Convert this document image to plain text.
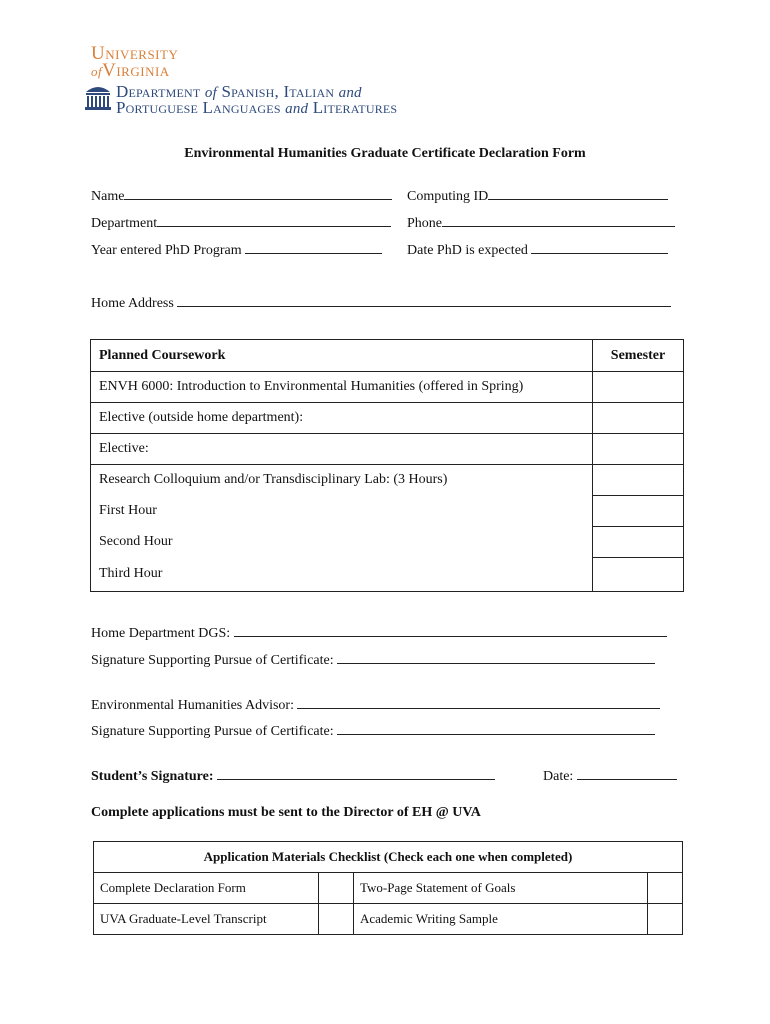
University
ofVirginia
Department of Spanish, Italian and
Portuguese Languages and Literatures
Environmental Humanities Graduate Certificate Declaration Form
Name	Computing ID
Department	Phone
Year entered PhD Program	Date PhD is expected
Home Address
Planned Coursework	Semester
ENVH 6000: Introduction to Environmental Humanities (offered in Spring)	
Elective (outside home department):	
Elective:	
Research Colloquium and/or Transdisciplinary Lab: (3 Hours)	
First Hour	
Second Hour	
Third Hour	
Home Department DGS:
Signature Supporting Pursue of Certificate:
Environmental Humanities Advisor:
Signature Supporting Pursue of Certificate:
Student’s Signature:	Date:
Complete applications must be sent to the Director of EH @ UVA
Application Materials Checklist (Check each one when completed)			
Complete Declaration Form		Two-Page Statement of Goals	
UVA Graduate-Level Transcript		Academic Writing Sample	
